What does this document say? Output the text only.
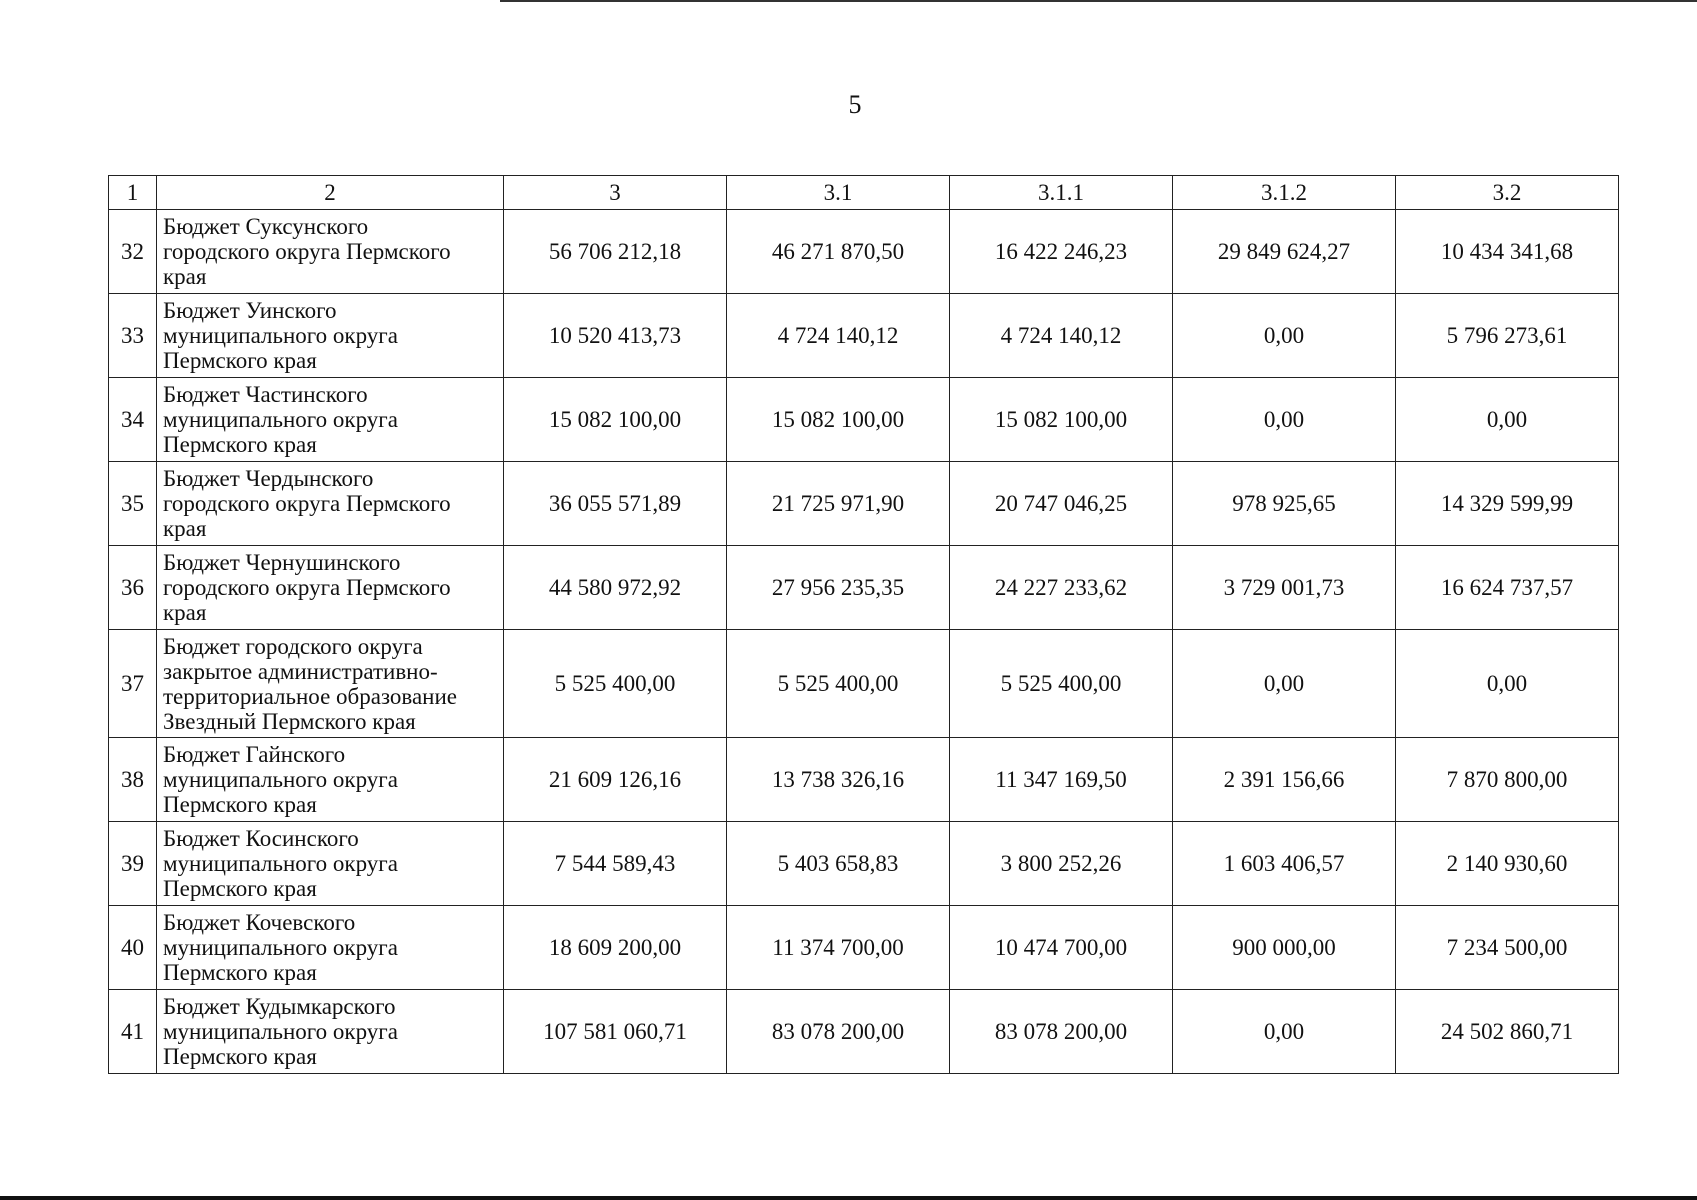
5
1	2	3	3.1	3.1.1	3.1.2	3.2
32	Бюджет Суксунского
городского округа Пермского
края	56 706 212,18	46 271 870,50	16 422 246,23	29 849 624,27	10 434 341,68
33	Бюджет Уинского
муниципального округа
Пермского края	10 520 413,73	4 724 140,12	4 724 140,12	0,00	5 796 273,61
34	Бюджет Частинского
муниципального округа
Пермского края	15 082 100,00	15 082 100,00	15 082 100,00	0,00	0,00
35	Бюджет Чердынского
городского округа Пермского
края	36 055 571,89	21 725 971,90	20 747 046,25	978 925,65	14 329 599,99
36	Бюджет Чернушинского
городского округа Пермского
края	44 580 972,92	27 956 235,35	24 227 233,62	3 729 001,73	16 624 737,57
37	Бюджет городского округа
закрытое административно-
территориальное образование
Звездный Пермского края	5 525 400,00	5 525 400,00	5 525 400,00	0,00	0,00
38	Бюджет Гайнского
муниципального округа
Пермского края	21 609 126,16	13 738 326,16	11 347 169,50	2 391 156,66	7 870 800,00
39	Бюджет Косинского
муниципального округа
Пермского края	7 544 589,43	5 403 658,83	3 800 252,26	1 603 406,57	2 140 930,60
40	Бюджет Кочевского
муниципального округа
Пермского края	18 609 200,00	11 374 700,00	10 474 700,00	900 000,00	7 234 500,00
41	Бюджет Кудымкарского
муниципального округа
Пермского края	107 581 060,71	83 078 200,00	83 078 200,00	0,00	24 502 860,71
